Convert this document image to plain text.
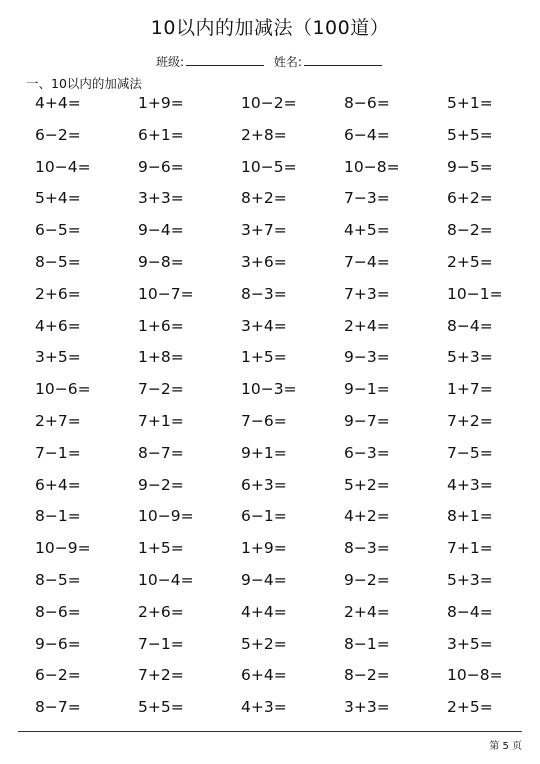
10以内的加减法（100道）
班级:	姓名:
一、10以内的加减法
4+4=	1+9=	10−2=	8−6=	5+1=
6−2=	6+1=	2+8=	6−4=	5+5=
10−4=	9−6=	10−5=	10−8=	9−5=
5+4=	3+3=	8+2=	7−3=	6+2=
6−5=	9−4=	3+7=	4+5=	8−2=
8−5=	9−8=	3+6=	7−4=	2+5=
2+6=	10−7=	8−3=	7+3=	10−1=
4+6=	1+6=	3+4=	2+4=	8−4=
3+5=	1+8=	1+5=	9−3=	5+3=
10−6=	7−2=	10−3=	9−1=	1+7=
2+7=	7+1=	7−6=	9−7=	7+2=
7−1=	8−7=	9+1=	6−3=	7−5=
6+4=	9−2=	6+3=	5+2=	4+3=
8−1=	10−9=	6−1=	4+2=	8+1=
10−9=	1+5=	1+9=	8−3=	7+1=
8−5=	10−4=	9−4=	9−2=	5+3=
8−6=	2+6=	4+4=	2+4=	8−4=
9−6=	7−1=	5+2=	8−1=	3+5=
6−2=	7+2=	6+4=	8−2=	10−8=
8−7=	5+5=	4+3=	3+3=	2+5=
第 5 页
